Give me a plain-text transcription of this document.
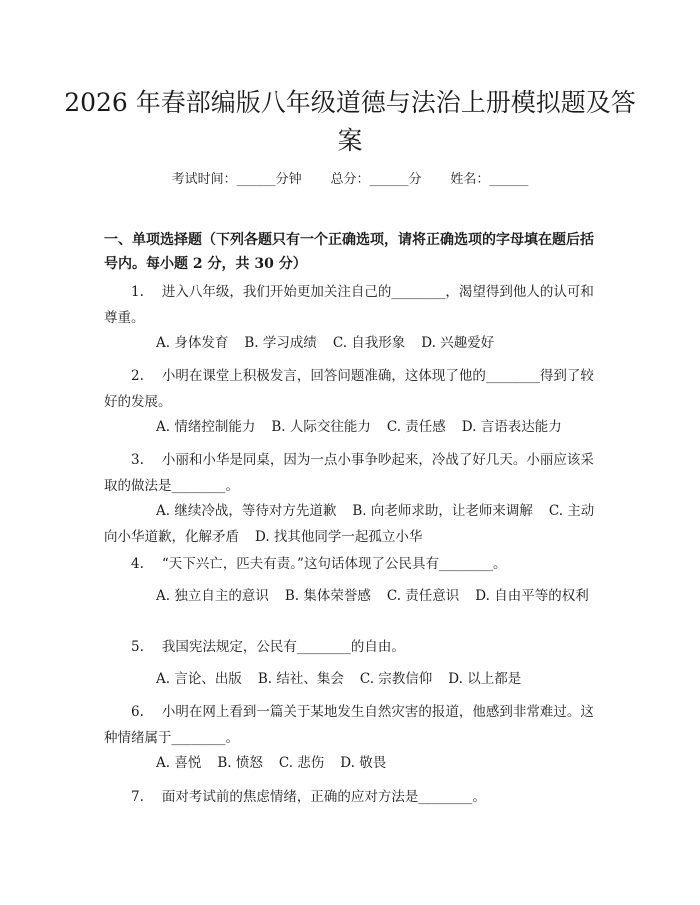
2026 年春部编版八年级道德与法治上册模拟题及答案
考试时间：______分钟       总分：______分       姓名：______
一、单项选择题（下列各题只有一个正确选项，请将正确选项的字母填在题后括号内。每小题 2 分，共 30 分）

1. 进入八年级，我们开始更加关注自己的________，渴望得到他人的认可和尊重。

A. 身体发育 B. 学习成绩 C. 自我形象 D. 兴趣爱好

2. 小明在课堂上积极发言，回答问题准确，这体现了他的________得到了较好的发展。

A. 情绪控制能力 B. 人际交往能力 C. 责任感 D. 言语表达能力

3. 小丽和小华是同桌，因为一点小事争吵起来，冷战了好几天。小丽应该采取的做法是________。

A. 继续冷战，等待对方先道歉 B. 向老师求助，让老师来调解 C. 主动向小华道歉，化解矛盾 D. 找其他同学一起孤立小华

4. “天下兴亡，匹夫有责。”这句话体现了公民具有________。

A. 独立自主的意识 B. 集体荣誉感 C. 责任意识 D. 自由平等的权利

5. 我国宪法规定，公民有________的自由。

A. 言论、出版 B. 结社、集会 C. 宗教信仰 D. 以上都是

6. 小明在网上看到一篇关于某地发生自然灾害的报道，他感到非常难过。这种情绪属于________。

A. 喜悦 B. 愤怒 C. 悲伤 D. 敬畏

7. 面对考试前的焦虑情绪，正确的应对方法是________。
